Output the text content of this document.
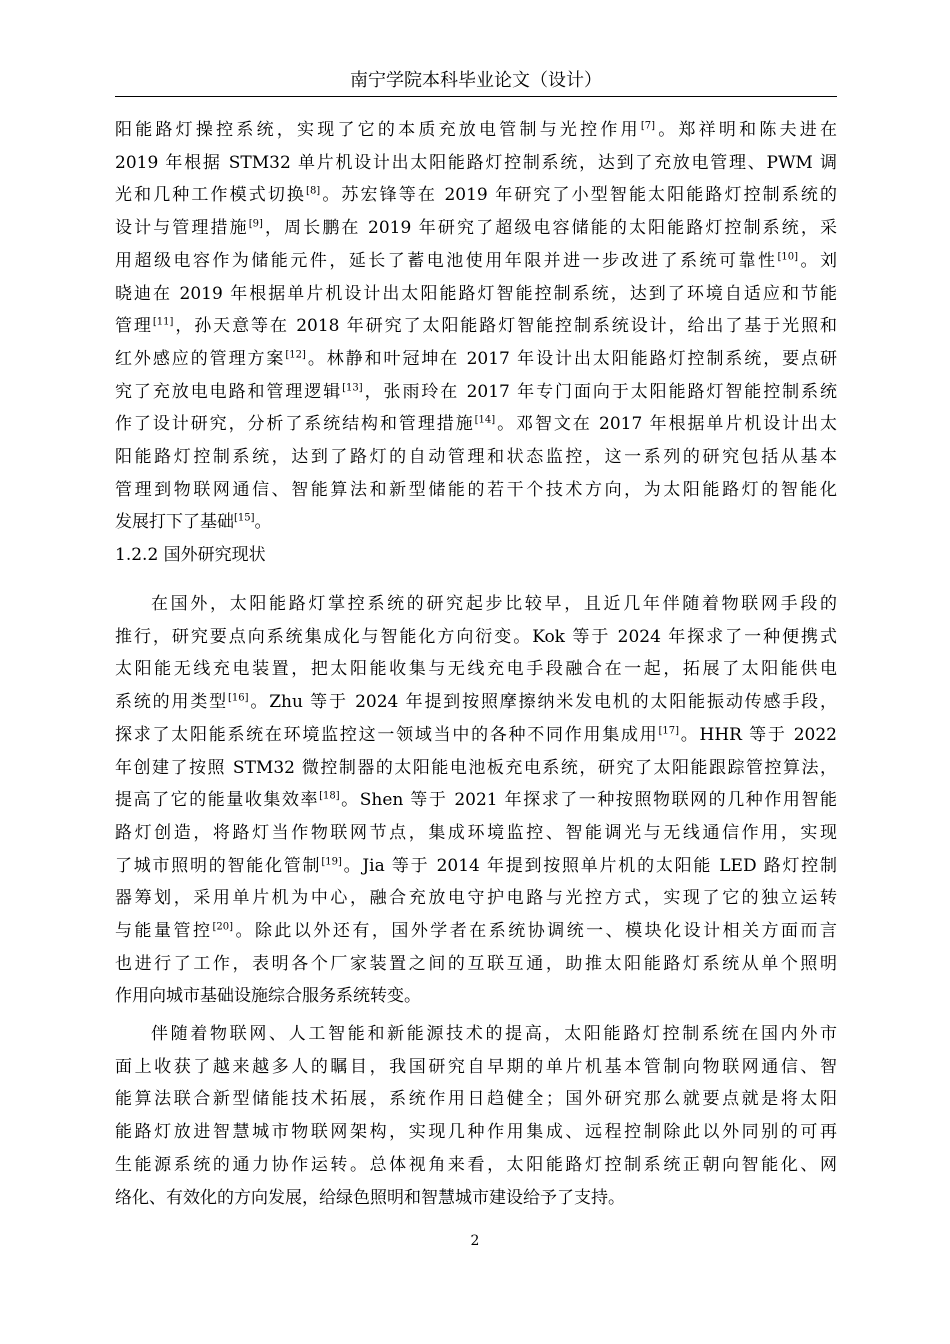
南宁学院本科毕业论文（设计）
阳能路灯操控系统，实现了它的本质充放电管制与光控作用[7]。郑祥明和陈夫进在
2019 年根据 STM32 单片机设计出太阳能路灯控制系统，达到了充放电管理、PWM 调
光和几种工作模式切换[8]。苏宏锋等在 2019 年研究了小型智能太阳能路灯控制系统的
设计与管理措施[9]，周长鹏在 2019 年研究了超级电容储能的太阳能路灯控制系统，采
用超级电容作为储能元件，延长了蓄电池使用年限并进一步改进了系统可靠性[10]。刘
晓迪在 2019 年根据单片机设计出太阳能路灯智能控制系统，达到了环境自适应和节能
管理[11]，孙天意等在 2018 年研究了太阳能路灯智能控制系统设计，给出了基于光照和
红外感应的管理方案[12]。林静和叶冠坤在 2017 年设计出太阳能路灯控制系统，要点研
究了充放电电路和管理逻辑[13]，张雨玲在 2017 年专门面向于太阳能路灯智能控制系统
作了设计研究，分析了系统结构和管理措施[14]。邓智文在 2017 年根据单片机设计出太
阳能路灯控制系统，达到了路灯的自动管理和状态监控，这一系列的研究包括从基本
管理到物联网通信、智能算法和新型储能的若干个技术方向，为太阳能路灯的智能化
发展打下了基础[15]。
1.2.2 国外研究现状
在国外，太阳能路灯掌控系统的研究起步比较早，且近几年伴随着物联网手段的
推行，研究要点向系统集成化与智能化方向衍变。Kok 等于 2024 年探求了一种便携式
太阳能无线充电装置，把太阳能收集与无线充电手段融合在一起，拓展了太阳能供电
系统的用类型[16]。Zhu 等于 2024 年提到按照摩擦纳米发电机的太阳能振动传感手段，
探求了太阳能系统在环境监控这一领域当中的各种不同作用集成用[17]。HHR 等于 2022
年创建了按照 STM32 微控制器的太阳能电池板充电系统，研究了太阳能跟踪管控算法，
提高了它的能量收集效率[18]。Shen 等于 2021 年探求了一种按照物联网的几种作用智能
路灯创造，将路灯当作物联网节点，集成环境监控、智能调光与无线通信作用，实现
了城市照明的智能化管制[19]。Jia 等于 2014 年提到按照单片机的太阳能 LED 路灯控制
器筹划，采用单片机为中心，融合充放电守护电路与光控方式，实现了它的独立运转
与能量管控[20]。除此以外还有，国外学者在系统协调统一、模块化设计相关方面而言
也进行了工作，表明各个厂家装置之间的互联互通，助推太阳能路灯系统从单个照明
作用向城市基础设施综合服务系统转变。
伴随着物联网、人工智能和新能源技术的提高，太阳能路灯控制系统在国内外市
面上收获了越来越多人的瞩目，我国研究自早期的单片机基本管制向物联网通信、智
能算法联合新型储能技术拓展，系统作用日趋健全；国外研究那么就要点就是将太阳
能路灯放进智慧城市物联网架构，实现几种作用集成、远程控制除此以外同别的可再
生能源系统的通力协作运转。总体视角来看，太阳能路灯控制系统正朝向智能化、网
络化、有效化的方向发展，给绿色照明和智慧城市建设给予了支持。
2
